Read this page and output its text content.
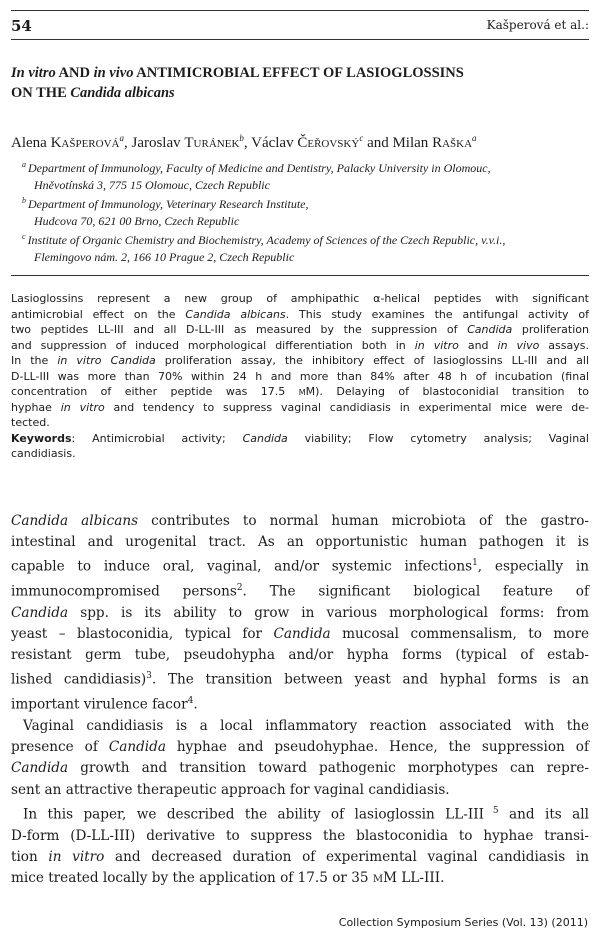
54	Kašperová et al.:
In vitro AND in vivo ANTIMICROBIAL EFFECT OF LASIOGLOSSINS
ON THE Candida albicans
Alena Kašperová$^a$, Jaroslav Turánek$^b$, Václav Čeřovský$^c$ and Milan Raška$^a$
$^a$ Department of Immunology, Faculty of Medicine and Dentistry, Palacky University in Olomouc,
Hněvotínská 3, 775 15 Olomouc, Czech Republic
$^b$ Department of Immunology, Veterinary Research Institute,
Hudcova 70, 621 00 Brno, Czech Republic
$^c$ Institute of Organic Chemistry and Biochemistry, Academy of Sciences of the Czech Republic, v.v.i.,
Flemingovo nám. 2, 166 10 Prague 2, Czech Republic
Lasioglossins represent a new group of amphipathic α-helical peptides with significant
antimicrobial effect on the Candida albicans. This study examines the antifungal activity of
two peptides LL-III and all D-LL-III as measured by the suppression of Candida proliferation
and suppression of induced morphological differentiation both in in vitro and in vivo assays.
In the in vitro Candida proliferation assay, the inhibitory effect of lasioglossins LL-III and all
D-LL-III was more than 70% within 24 h and more than 84% after 48 h of incubation (final
concentration of either peptide was 17.5 μM). Delaying of blastoconidial transition to
hyphae in vitro and tendency to suppress vaginal candidiasis in experimental mice were de-
tected.
Keywords: Antimicrobial activity; Candida viability; Flow cytometry analysis; Vaginal
candidiasis.
Candida albicans contributes to normal human microbiota of the gastro-
intestinal and urogenital tract. As an opportunistic human pathogen it is
capable to induce oral, vaginal, and/or systemic infections$^1$, especially in
immunocompromised persons$^2$. The significant biological feature of
Candida spp. is its ability to grow in various morphological forms: from
yeast – blastoconidia, typical for Candida mucosal commensalism, to more
resistant germ tube, pseudohypha and/or hypha forms (typical of estab-
lished candidiasis)$^3$. The transition between yeast and hyphal forms is an
important virulence facor$^4$.
Vaginal candidiasis is a local inflammatory reaction associated with the
presence of Candida hyphae and pseudohyphae. Hence, the suppression of
Candida growth and transition toward pathogenic morphotypes can repre-
sent an attractive therapeutic approach for vaginal candidiasis.
In this paper, we described the ability of lasioglossin LL-III $^5$ and its all
D-form (D-LL-III) derivative to suppress the blastoconidia to hyphae transi-
tion in vitro and decreased duration of experimental vaginal candidiasis in
mice treated locally by the application of 17.5 or 35 μM LL-III.
Collection Symposium Series (Vol. 13) (2011)
